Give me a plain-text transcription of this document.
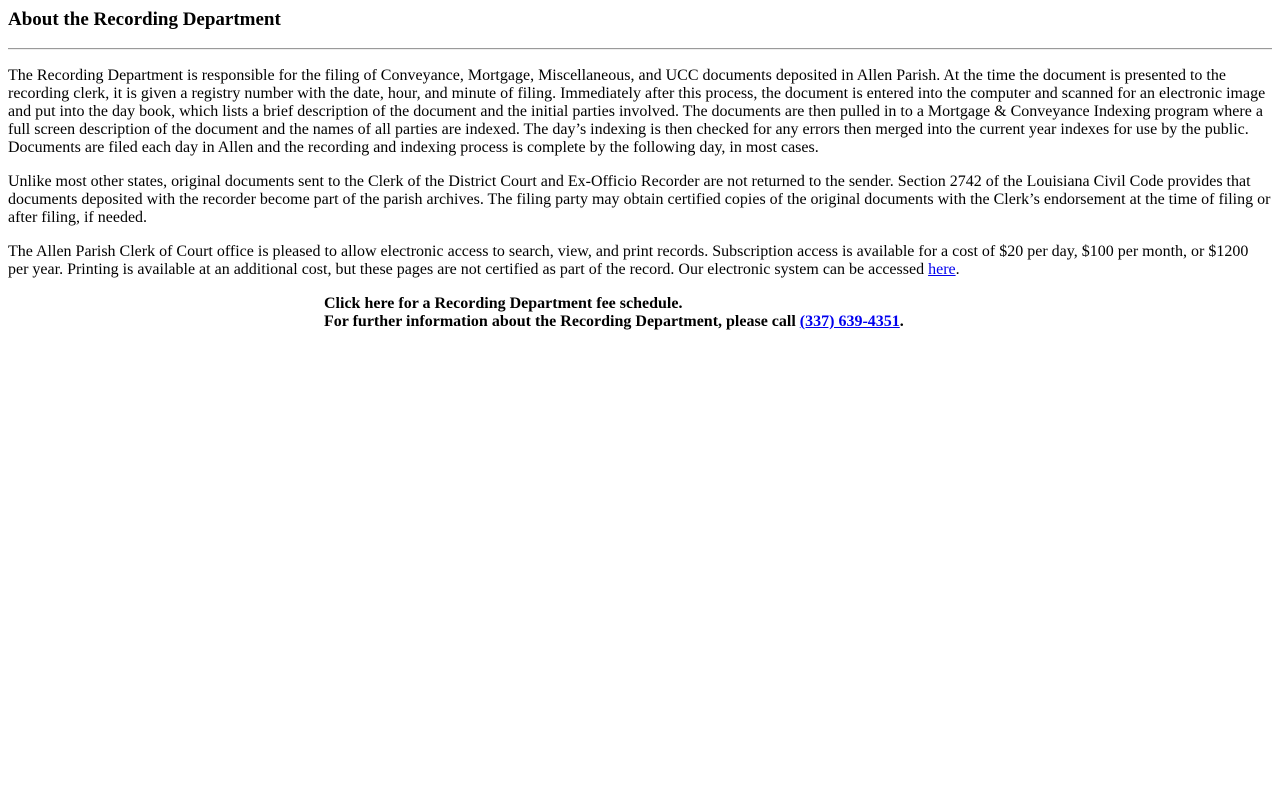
About the Recording Department

The Recording Department is responsible for the filing of Conveyance, Mortgage, Miscellaneous, and UCC documents deposited in Allen Parish. At the time the document is presented to the recording clerk, it is given a registry number with the date, hour, and minute of filing. Immediately after this process, the document is entered into the computer and scanned for an electronic image and put into the day book, which lists a brief description of the document and the initial parties involved. The documents are then pulled in to a Mortgage & Conveyance Indexing program where a full screen description of the document and the names of all parties are indexed. The day’s indexing is then checked for any errors then merged into the current year indexes for use by the public. Documents are filed each day in Allen and the recording and indexing process is complete by the following day, in most cases.

Unlike most other states, original documents sent to the Clerk of the District Court and Ex-Officio Recorder are not returned to the sender. Section 2742 of the Louisiana Civil Code provides that documents deposited with the recorder become part of the parish archives. The filing party may obtain certified copies of the original documents with the Clerk’s endorsement at the time of filing or after filing, if needed.

The Allen Parish Clerk of Court office is pleased to allow electronic access to search, view, and print records. Subscription access is available for a cost of $20 per day, $100 per month, or $1200 per year. Printing is available at an additional cost, but these pages are not certified as part of the record. Our electronic system can be accessed here.

Click here for a Recording Department fee schedule.
For further information about the Recording Department, please call (337) 639-4351.
